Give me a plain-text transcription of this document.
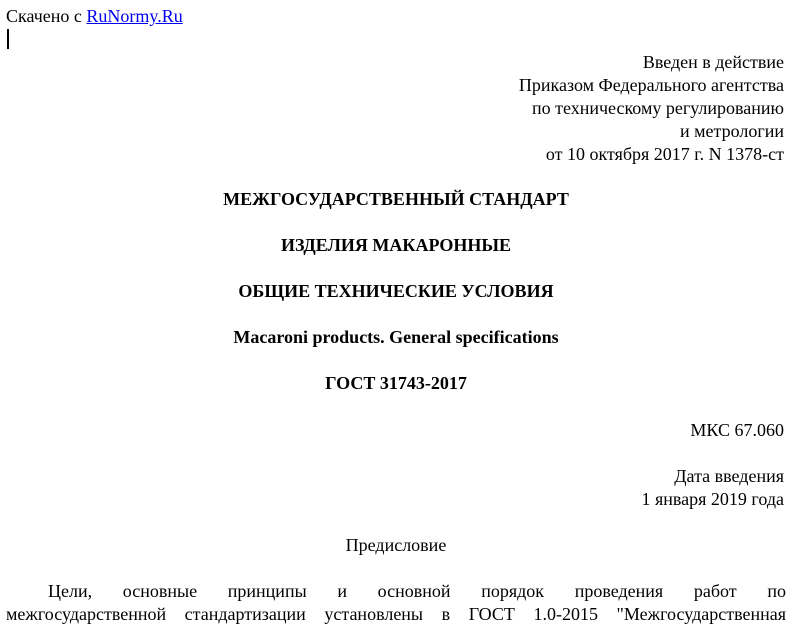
Скачено с RuNormy.Ru
Введен в действие
Приказом Федерального агентства
по техническому регулированию
и метрологии
от 10 октября 2017 г. N 1378-ст
МЕЖГОСУДАРСТВЕННЫЙ СТАНДАРТ
ИЗДЕЛИЯ МАКАРОННЫЕ
ОБЩИЕ ТЕХНИЧЕСКИЕ УСЛОВИЯ
Macaroni products. General specifications
ГОСТ 31743-2017
МКС 67.060
Дата введения
1 января 2019 года
Предисловие
Цели, основные принципы и основной порядок проведения работ по
межгосударственной стандартизации установлены в ГОСТ 1.0-2015 "Межгосударственная
